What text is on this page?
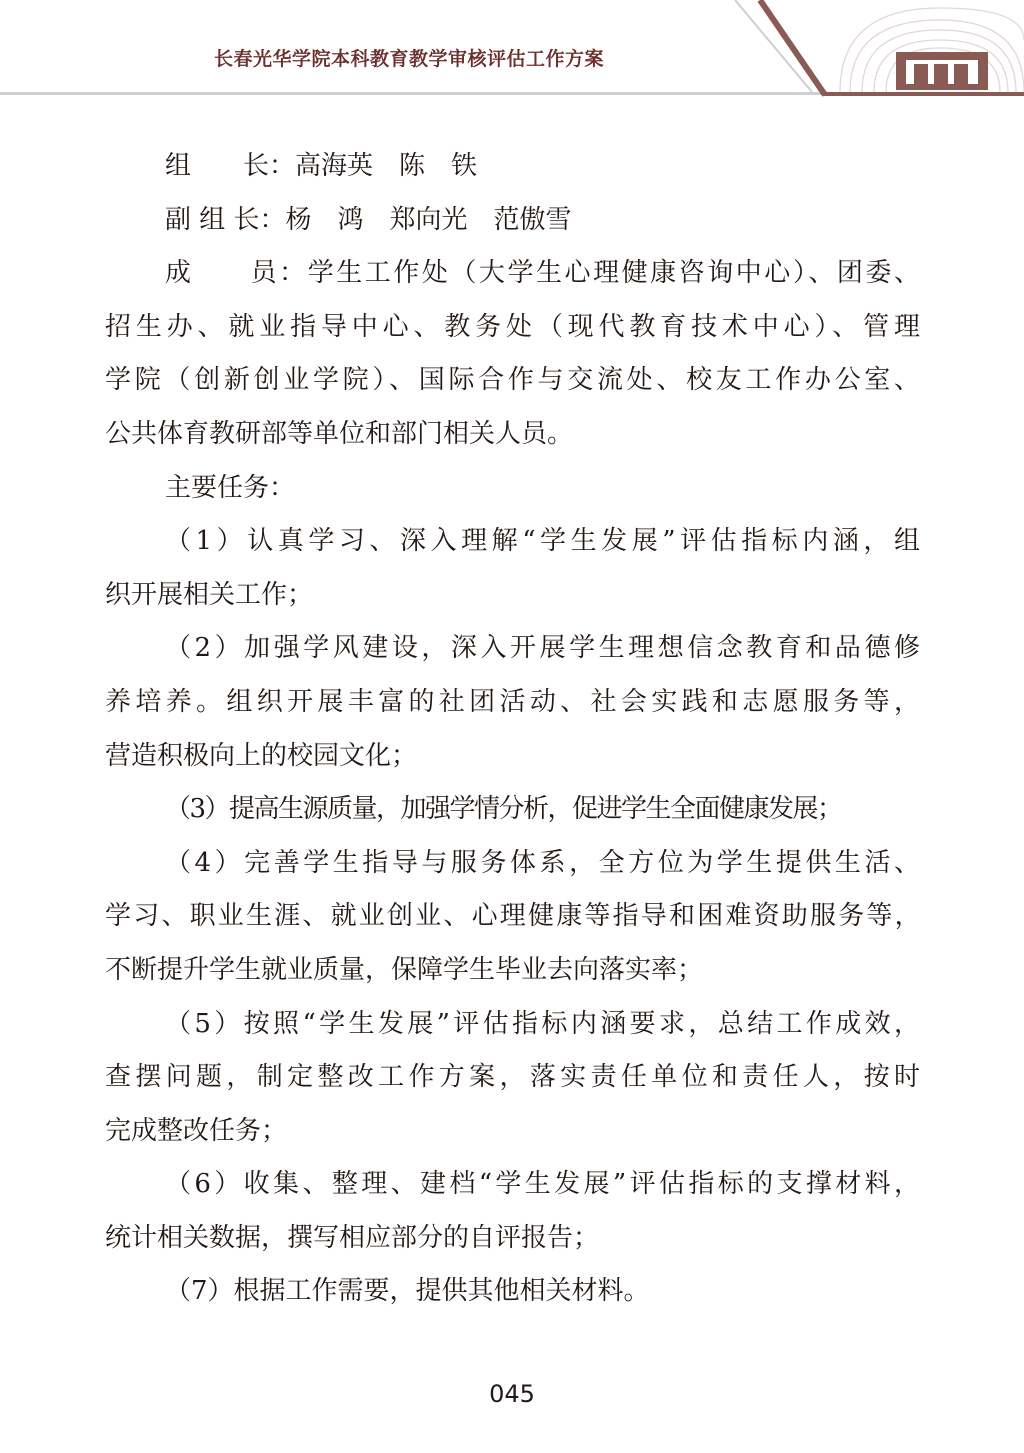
长春光华学院本科教育教学审核评估工作方案
组　　长：高海英　陈　铁
副 组 长：杨　鸿　郑向光　范傲雪
成　　员：学生工作处（大学生心理健康咨询中心）、团委、
招生办、就业指导中心、教务处（现代教育技术中心）、管理
学院（创新创业学院）、国际合作与交流处、校友工作办公室、
公共体育教研部等单位和部门相关人员。
主要任务：
（1）认真学习、深入理解“学生发展”评估指标内涵，组
织开展相关工作；
（2）加强学风建设，深入开展学生理想信念教育和品德修
养培养。组织开展丰富的社团活动、社会实践和志愿服务等，
营造积极向上的校园文化；
（3）提高生源质量，加强学情分析，促进学生全面健康发展；
（4）完善学生指导与服务体系，全方位为学生提供生活、
学习、职业生涯、就业创业、心理健康等指导和困难资助服务等，
不断提升学生就业质量，保障学生毕业去向落实率；
（5）按照“学生发展”评估指标内涵要求，总结工作成效，
查摆问题，制定整改工作方案，落实责任单位和责任人，按时
完成整改任务；
（6）收集、整理、建档“学生发展”评估指标的支撑材料，
统计相关数据，撰写相应部分的自评报告；
（7）根据工作需要，提供其他相关材料。
045
